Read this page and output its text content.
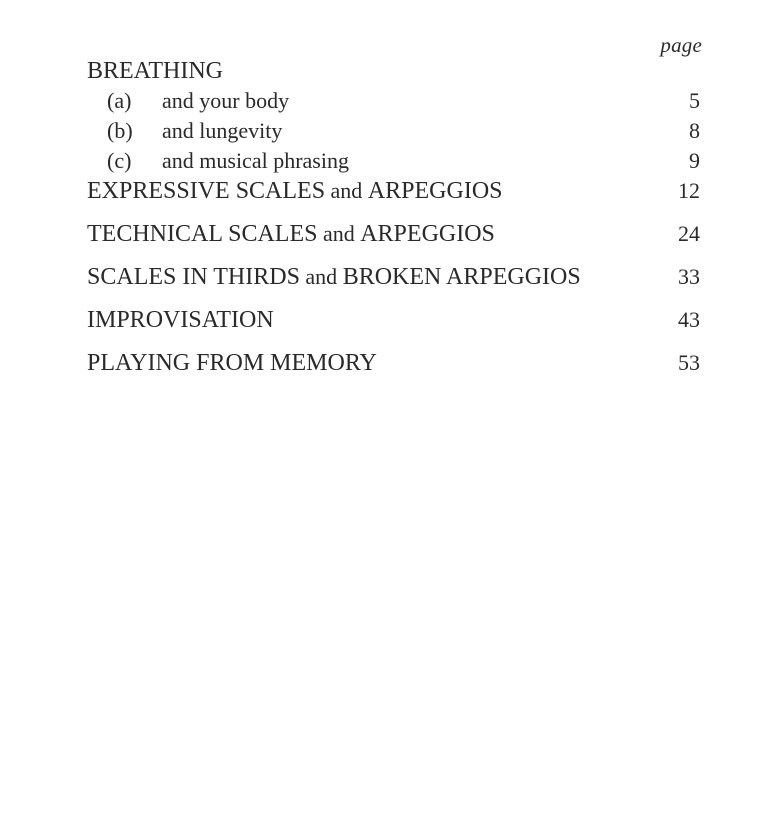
page
BREATHING
(a) and your body	5
(b) and lungevity	8
(c) and musical phrasing	9
EXPRESSIVE SCALES and ARPEGGIOS	12
TECHNICAL SCALES and ARPEGGIOS	24
SCALES IN THIRDS and BROKEN ARPEGGIOS	33
IMPROVISATION	43
PLAYING FROM MEMORY	53
